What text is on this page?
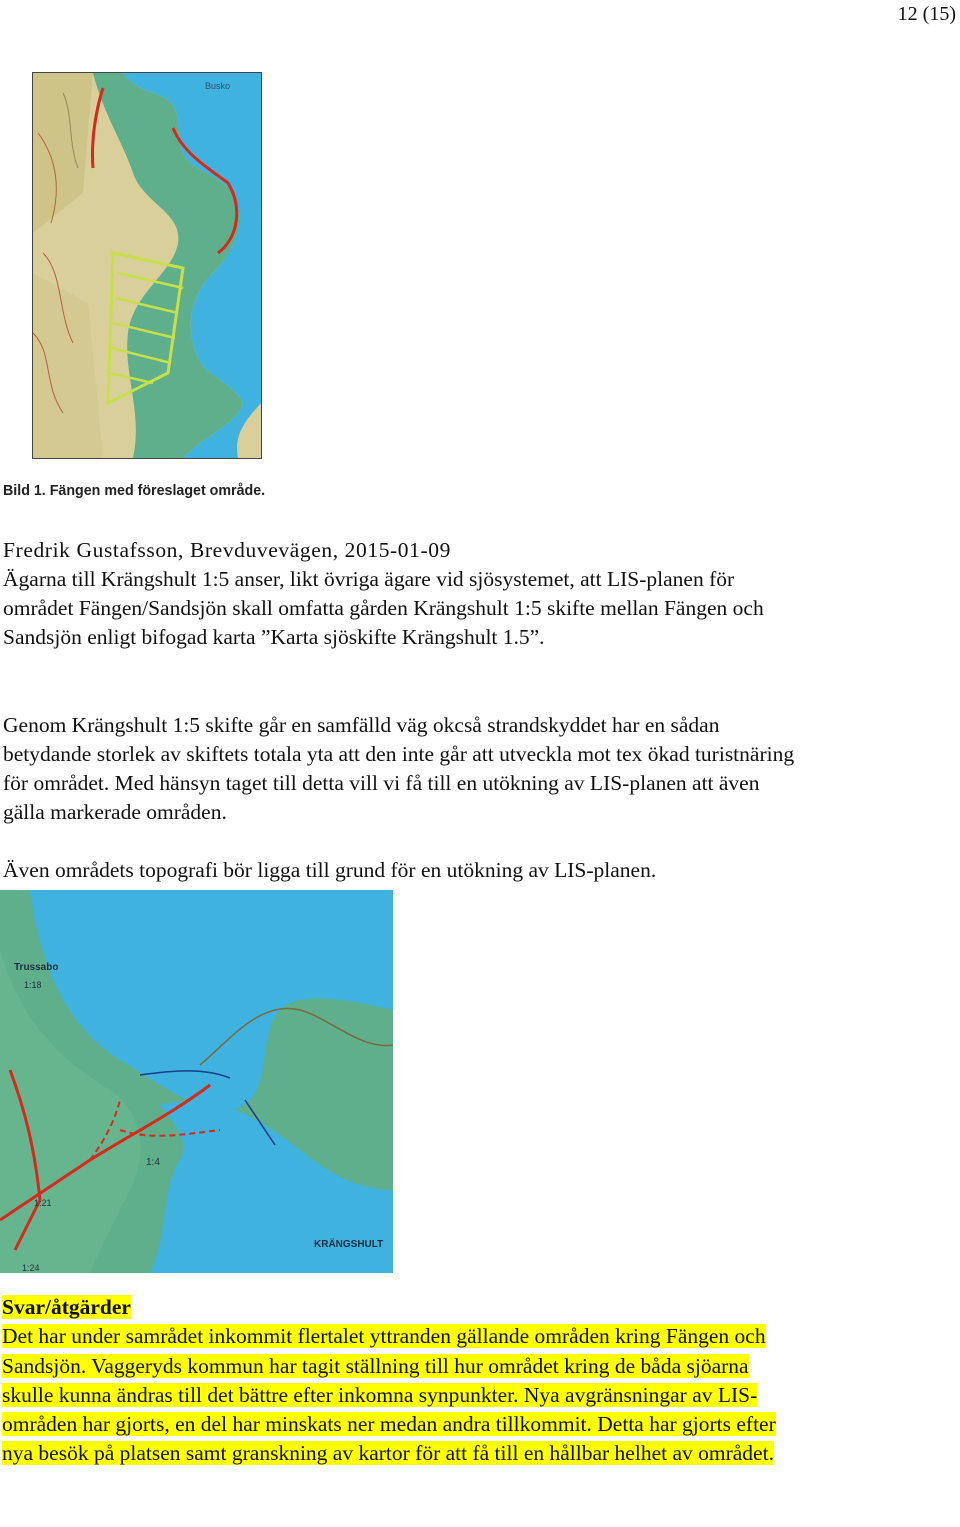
12 (15)
Busko
Bild 1. Fängen med föreslaget område.

Fredrik Gustafsson, Brevduvevägen, 2015-01-09

Ägarna till Krängshult 1:5 anser, likt övriga ägare vid sjösystemet, att LIS-planen för området Fängen/Sandsjön skall omfatta gården Krängshult 1:5 skifte mellan Fängen och Sandsjön enligt bifogad karta ”Karta sjöskifte Krängshult 1.5”.

Genom Krängshult 1:5 skifte går en samfälld väg okcså strandskyddet har en sådan betydande storlek av skiftets totala yta att den inte går att utveckla mot tex ökad turistnäring för området. Med hänsyn taget till detta vill vi få till en utökning av LIS-planen att även gälla markerade områden.

Även områdets topografi bör ligga till grund för en utökning av LIS-planen.

Trussabo
1:18
1:4
1:21
1:24
KRÄNGSHULT
Svar/åtgärder
Det har under samrådet inkommit flertalet yttranden gällande områden kring Fängen och Sandsjön. Vaggeryds kommun har tagit ställning till hur området kring de båda sjöarna skulle kunna ändras till det bättre efter inkomna synpunkter. Nya avgränsningar av LIS-områden har gjorts, en del har minskats ner medan andra tillkommit. Detta har gjorts efter nya besök på platsen samt granskning av kartor för att få till en hållbar helhet av området.
